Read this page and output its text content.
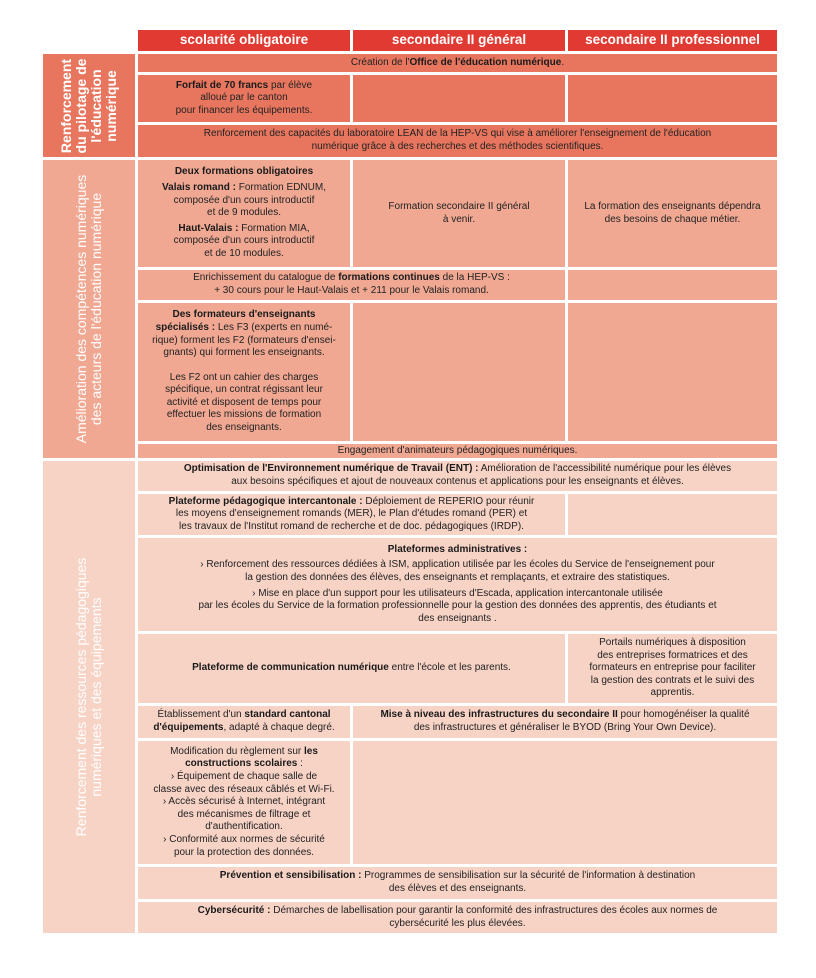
scolarité obligatoire	secondaire II général	secondaire II professionnel
Renforcement du pilotage de l'éducation numérique

Création de l'Office de l'éducation numérique.

Forfait de 70 francs par élève
alloué par le canton
pour financer les équipements.

Renforcement des capacités du laboratoire LEAN de la HEP-VS qui vise à améliorer l'enseignement de l'éducation
numérique grâce à des recherches et des méthodes scientifiques.

Amélioration des compétences numériques des acteurs de l'éducation numérique

Deux formations obligatoires

Valais romand : Formation EDNUM,
composée d'un cours introductif
et de 9 modules.

Haut-Valais : Formation MIA,
composée d'un cours introductif
et de 10 modules.

Formation secondaire II général
à venir.

La formation des enseignants dépendra
des besoins de chaque métier.

Enrichissement du catalogue de formations continues de la HEP-VS :
+ 30 cours pour le Haut-Valais et + 211 pour le Valais romand.

Des formateurs d'enseignants
spécialisés : Les F3 (experts en numé-
rique) forment les F2 (formateurs d'ensei-
gnants) qui forment les enseignants.

Les F2 ont un cahier des charges
spécifique, un contrat régissant leur
activité et disposent de temps pour
effectuer les missions de formation
des enseignants.

Engagement d'animateurs pédagogiques numériques.

Renforcement des ressources pédagogiques numériques et des équipements

Optimisation de l'Environnement numérique de Travail (ENT) : Amélioration de l'accessibilité numérique pour les élèves
aux besoins spécifiques et ajout de nouveaux contenus et applications pour les enseignants et élèves.

Plateforme pédagogique intercantonale : Déploiement de REPERIO pour réunir
les moyens d'enseignement romands (MER), le Plan d'études romand (PER) et
les travaux de l'Institut romand de recherche et de doc. pédagogiques (IRDP).

Plateformes administratives :

› Renforcement des ressources dédiées à ISM, application utilisée par les écoles du Service de l'enseignement pour
la gestion des données des élèves, des enseignants et remplaçants, et extraire des statistiques.

› Mise en place d'un support pour les utilisateurs d'Escada, application intercantonale utilisée
par les écoles du Service de la formation professionnelle pour la gestion des données des apprentis, des étudiants et
des enseignants .

Plateforme de communication numérique entre l'école et les parents.

Portails numériques à disposition
des entreprises formatrices et des
formateurs en entreprise pour faciliter
la gestion des contrats et le suivi des
apprentis.

Établissement d'un standard cantonal
d'équipements, adapté à chaque degré.

Mise à niveau des infrastructures du secondaire II pour homogénéiser la qualité
des infrastructures et généraliser le BYOD (Bring Your Own Device).

Modification du règlement sur les
constructions scolaires :
› Équipement de chaque salle de
classe avec des réseaux câblés et Wi-Fi.
› Accès sécurisé à Internet, intégrant
des mécanismes de filtrage et
d'authentification.
› Conformité aux normes de sécurité
pour la protection des données.

Prévention et sensibilisation : Programmes de sensibilisation sur la sécurité de l'information à destination
des élèves et des enseignants.

Cybersécurité : Démarches de labellisation pour garantir la conformité des infrastructures des écoles aux normes de
cybersécurité les plus élevées.
